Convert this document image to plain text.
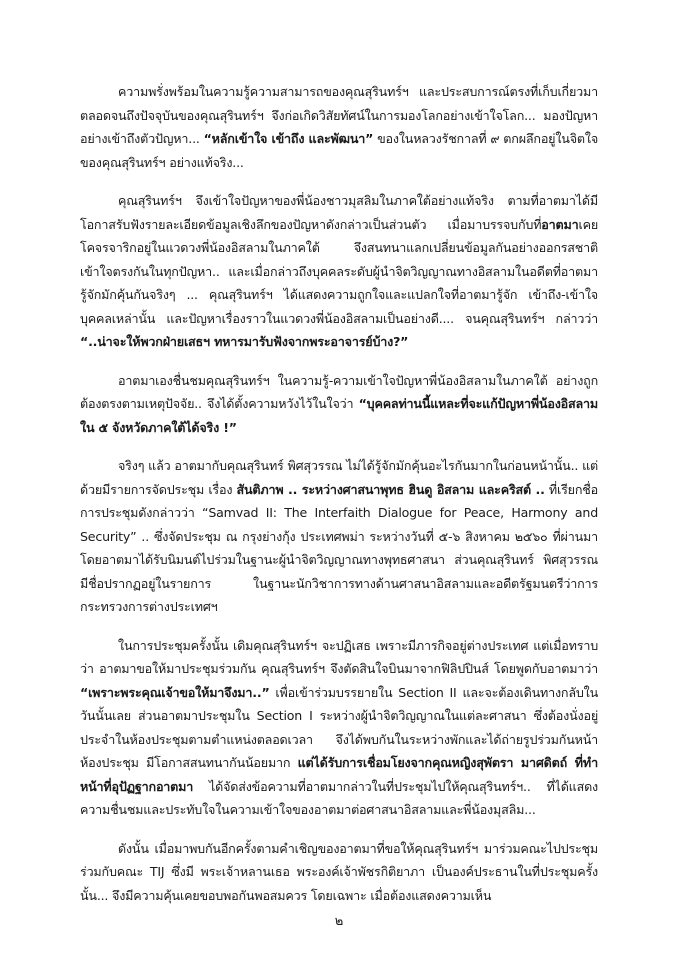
ความพรั่งพร้อมในความรู้ความสามารถของคุณสุรินทร์ฯ และประสบการณ์ตรงที่เก็บเกี่ยวมาตลอดจนถึงปัจจุบันของคุณสุรินทร์ฯ จึงก่อเกิดวิสัยทัศน์ในการมองโลกอย่างเข้าใจโลก... มองปัญหาอย่างเข้าถึงตัวปัญหา... “หลักเข้าใจ เข้าถึง และพัฒนา” ของในหลวงรัชกาลที่ ๙ ตกผลึกอยู่ในจิตใจของคุณสุรินทร์ฯ อย่างแท้จริง...

คุณสุรินทร์ฯ จึงเข้าใจปัญหาของพี่น้องชาวมุสลิมในภาคใต้อย่างแท้จริง ตามที่อาตมาได้มีโอกาสรับฟังรายละเอียดข้อมูลเชิงลึกของปัญหาดังกล่าวเป็นส่วนตัว เมื่อมาบรรจบกับที่อาตมาเคยโคจรจาริกอยู่ในแวดวงพี่น้องอิสลามในภาคใต้ จึงสนทนาแลกเปลี่ยนข้อมูลกันอย่างออกรสชาติ เข้าใจตรงกันในทุกปัญหา.. และเมื่อกล่าวถึงบุคคลระดับผู้นำจิตวิญญาณทางอิสลามในอดีตที่อาตมารู้จักมักคุ้นกันจริงๆ ... คุณสุรินทร์ฯ ได้แสดงความถูกใจและแปลกใจที่อาตมารู้จัก เข้าถึง-เข้าใจบุคคลเหล่านั้น และปัญหาเรื่องราวในแวดวงพี่น้องอิสลามเป็นอย่างดี.... จนคุณสุรินทร์ฯ กล่าวว่า “..น่าจะให้พวกฝ่ายเสธฯ ทหารมารับฟังจากพระอาจารย์บ้าง?”

อาตมาเองชื่นชมคุณสุรินทร์ฯ ในความรู้-ความเข้าใจปัญหาพี่น้องอิสลามในภาคใต้ อย่างถูกต้องตรงตามเหตุปัจจัย.. จึงได้ตั้งความหวังไว้ในใจว่า “บุคคลท่านนี้แหละที่จะแก้ปัญหาพี่น้องอิสลามใน ๕ จังหวัดภาคใต้ได้จริง !”

จริงๆ แล้ว อาตมากับคุณสุรินทร์ พิศสุวรรณ ไม่ได้รู้จักมักคุ้นอะไรกันมากในก่อนหน้านั้น.. แต่ด้วยมีรายการจัดประชุม เรื่อง สันติภาพ .. ระหว่างศาสนาพุทธ ฮินดู อิสลาม และคริสต์ .. ที่เรียกชื่อการประชุมดังกล่าวว่า “Samvad II: The Interfaith Dialogue for Peace, Harmony and Security” .. ซึ่งจัดประชุม ณ กรุงย่างกุ้ง ประเทศพม่า ระหว่างวันที่ ๕-๖ สิงหาคม ๒๕๖๐ ที่ผ่านมา โดยอาตมาได้รับนิมนต์ไปร่วมในฐานะผู้นำจิตวิญญาณทางพุทธศาสนา ส่วนคุณสุรินทร์ พิศสุวรรณ มีชื่อปรากฏอยู่ในรายการ ในฐานะนักวิชาการทางด้านศาสนาอิสลามและอดีตรัฐมนตรีว่าการกระทรวงการต่างประเทศฯ

ในการประชุมครั้งนั้น เดิมคุณสุรินทร์ฯ จะปฏิเสธ เพราะมีภารกิจอยู่ต่างประเทศ แต่เมื่อทราบว่า อาตมาขอให้มาประชุมร่วมกัน คุณสุรินทร์ฯ จึงตัดสินใจบินมาจากฟิลิปปินส์ โดยพูดกับอาตมาว่า “เพราะพระคุณเจ้าขอให้มาจึงมา..” เพื่อเข้าร่วมบรรยายใน Section II และจะต้องเดินทางกลับในวันนั้นเลย ส่วนอาตมาประชุมใน Section I ระหว่างผู้นำจิตวิญญาณในแต่ละศาสนา ซึ่งต้องนั่งอยู่ประจำในห้องประชุมตามตำแหน่งตลอดเวลา จึงได้พบกันในระหว่างพักและได้ถ่ายรูปร่วมกันหน้าห้องประชุม มีโอกาสสนทนากันน้อยมาก แต่ได้รับการเชื่อมโยงจากคุณหญิงสุพัตรา มาศดิตถ์ ที่ทำหน้าที่อุปัฏฐากอาตมา ได้จัดส่งข้อความที่อาตมากล่าวในที่ประชุมไปให้คุณสุรินทร์ฯ.. ที่ได้แสดงความชื่นชมและประทับใจในความเข้าใจของอาตมาต่อศาสนาอิสลามและพี่น้องมุสลิม...

ดังนั้น เมื่อมาพบกันอีกครั้งตามคำเชิญของอาตมาที่ขอให้คุณสุรินทร์ฯ มาร่วมคณะไปประชุมร่วมกับคณะ TIJ ซึ่งมี พระเจ้าหลานเธอ พระองค์เจ้าพัชรกิติยาภา เป็นองค์ประธานในที่ประชุมครั้งนั้น... จึงมีความคุ้นเคยขอบพอกันพอสมควร โดยเฉพาะ เมื่อต้องแสดงความเห็น

๒
